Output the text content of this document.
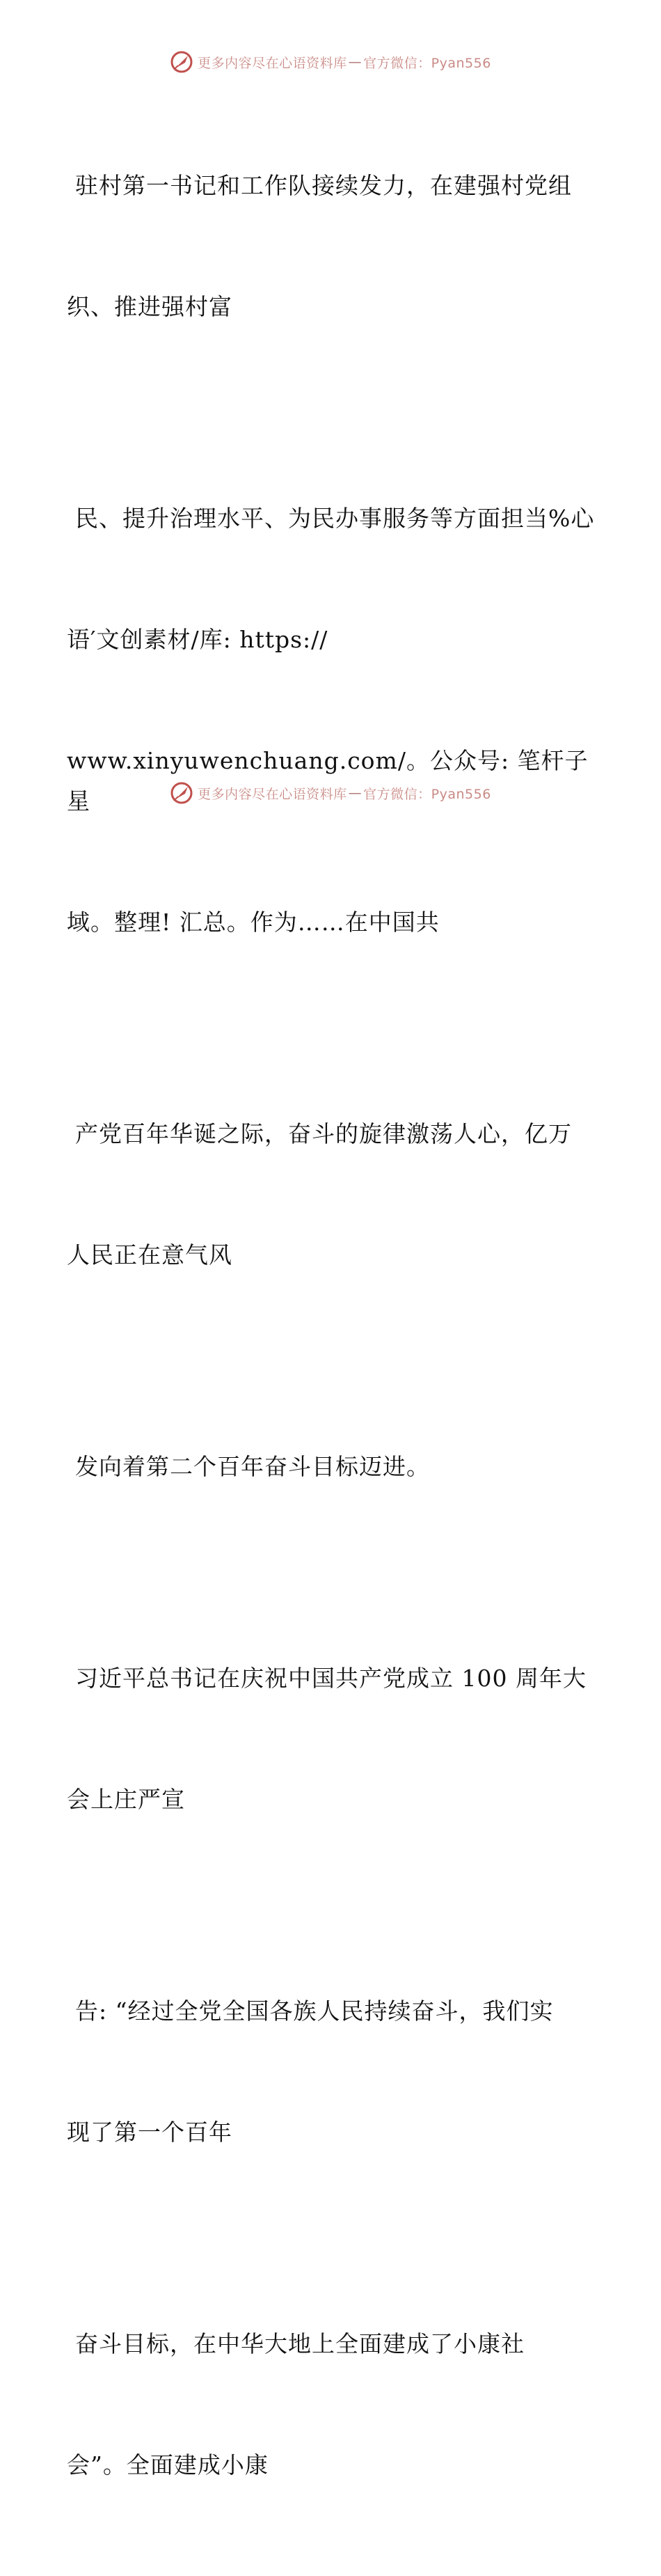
更多内容尽在心语资料库 — 官方微信：Pyan556

驻村第一书记和工作队接续发力，在建强村党组

织、推进强村富

民、提升治理水平、为民办事服务等方面担当%心

语′文创素材/库: https://

www.xinyuwenchuang.com/。公众号: 笔杆子星

域。整理! 汇总。作为……在中国共

产党百年华诞之际，奋斗的旋律激荡人心，亿万

人民正在意气风

发向着第二个百年奋斗目标迈进。

习近平总书记在庆祝中国共产党成立 100 周年大

会上庄严宣

告: “经过全党全国各族人民持续奋斗，我们实

现了第一个百年

奋斗目标，在中华大地上全面建成了小康社

会”。全面建成小康

更多内容尽在心语资料库 — 官方微信：Pyan556
